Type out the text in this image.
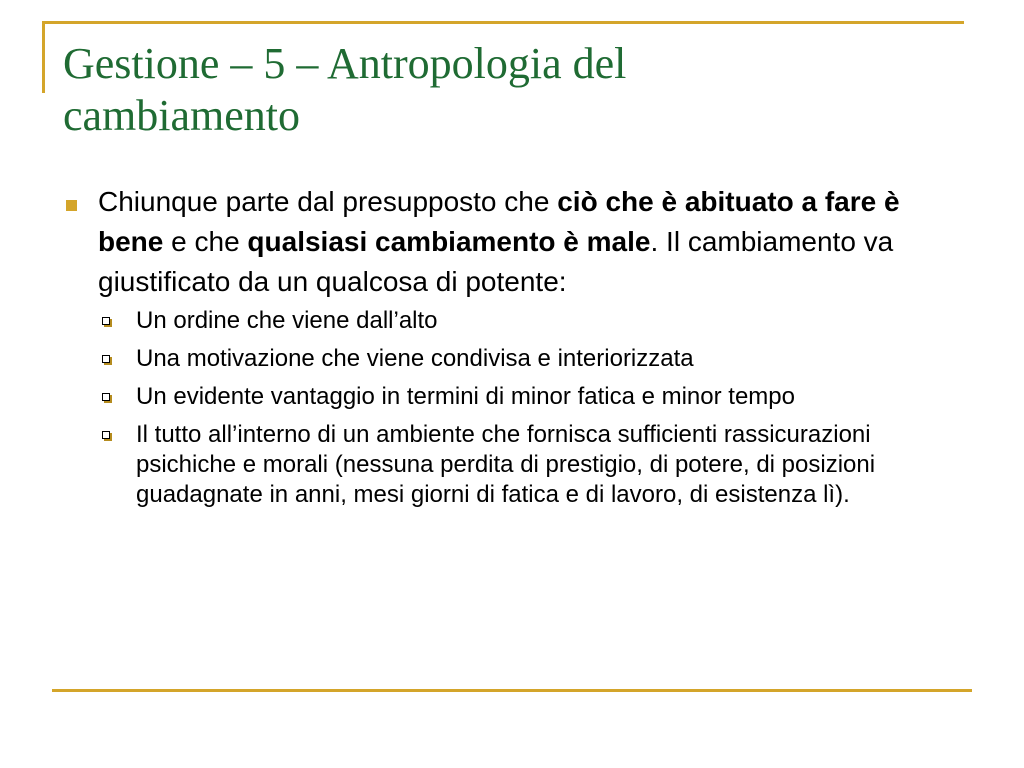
Gestione – 5 – Antropologia del
cambiamento
Chiunque parte dal presupposto che ciò che è abituato a fare è bene e che qualsiasi cambiamento è male. Il cambiamento va giustificato da un qualcosa di potente:
Un ordine che viene dall’alto
Una motivazione che viene condivisa e interiorizzata
Un evidente vantaggio in termini di minor fatica e minor tempo
Il tutto all’interno di un ambiente che fornisca sufficienti rassicurazioni psichiche e morali (nessuna perdita di prestigio, di potere, di posizioni guadagnate in anni, mesi giorni di fatica e di lavoro, di esistenza lì).
